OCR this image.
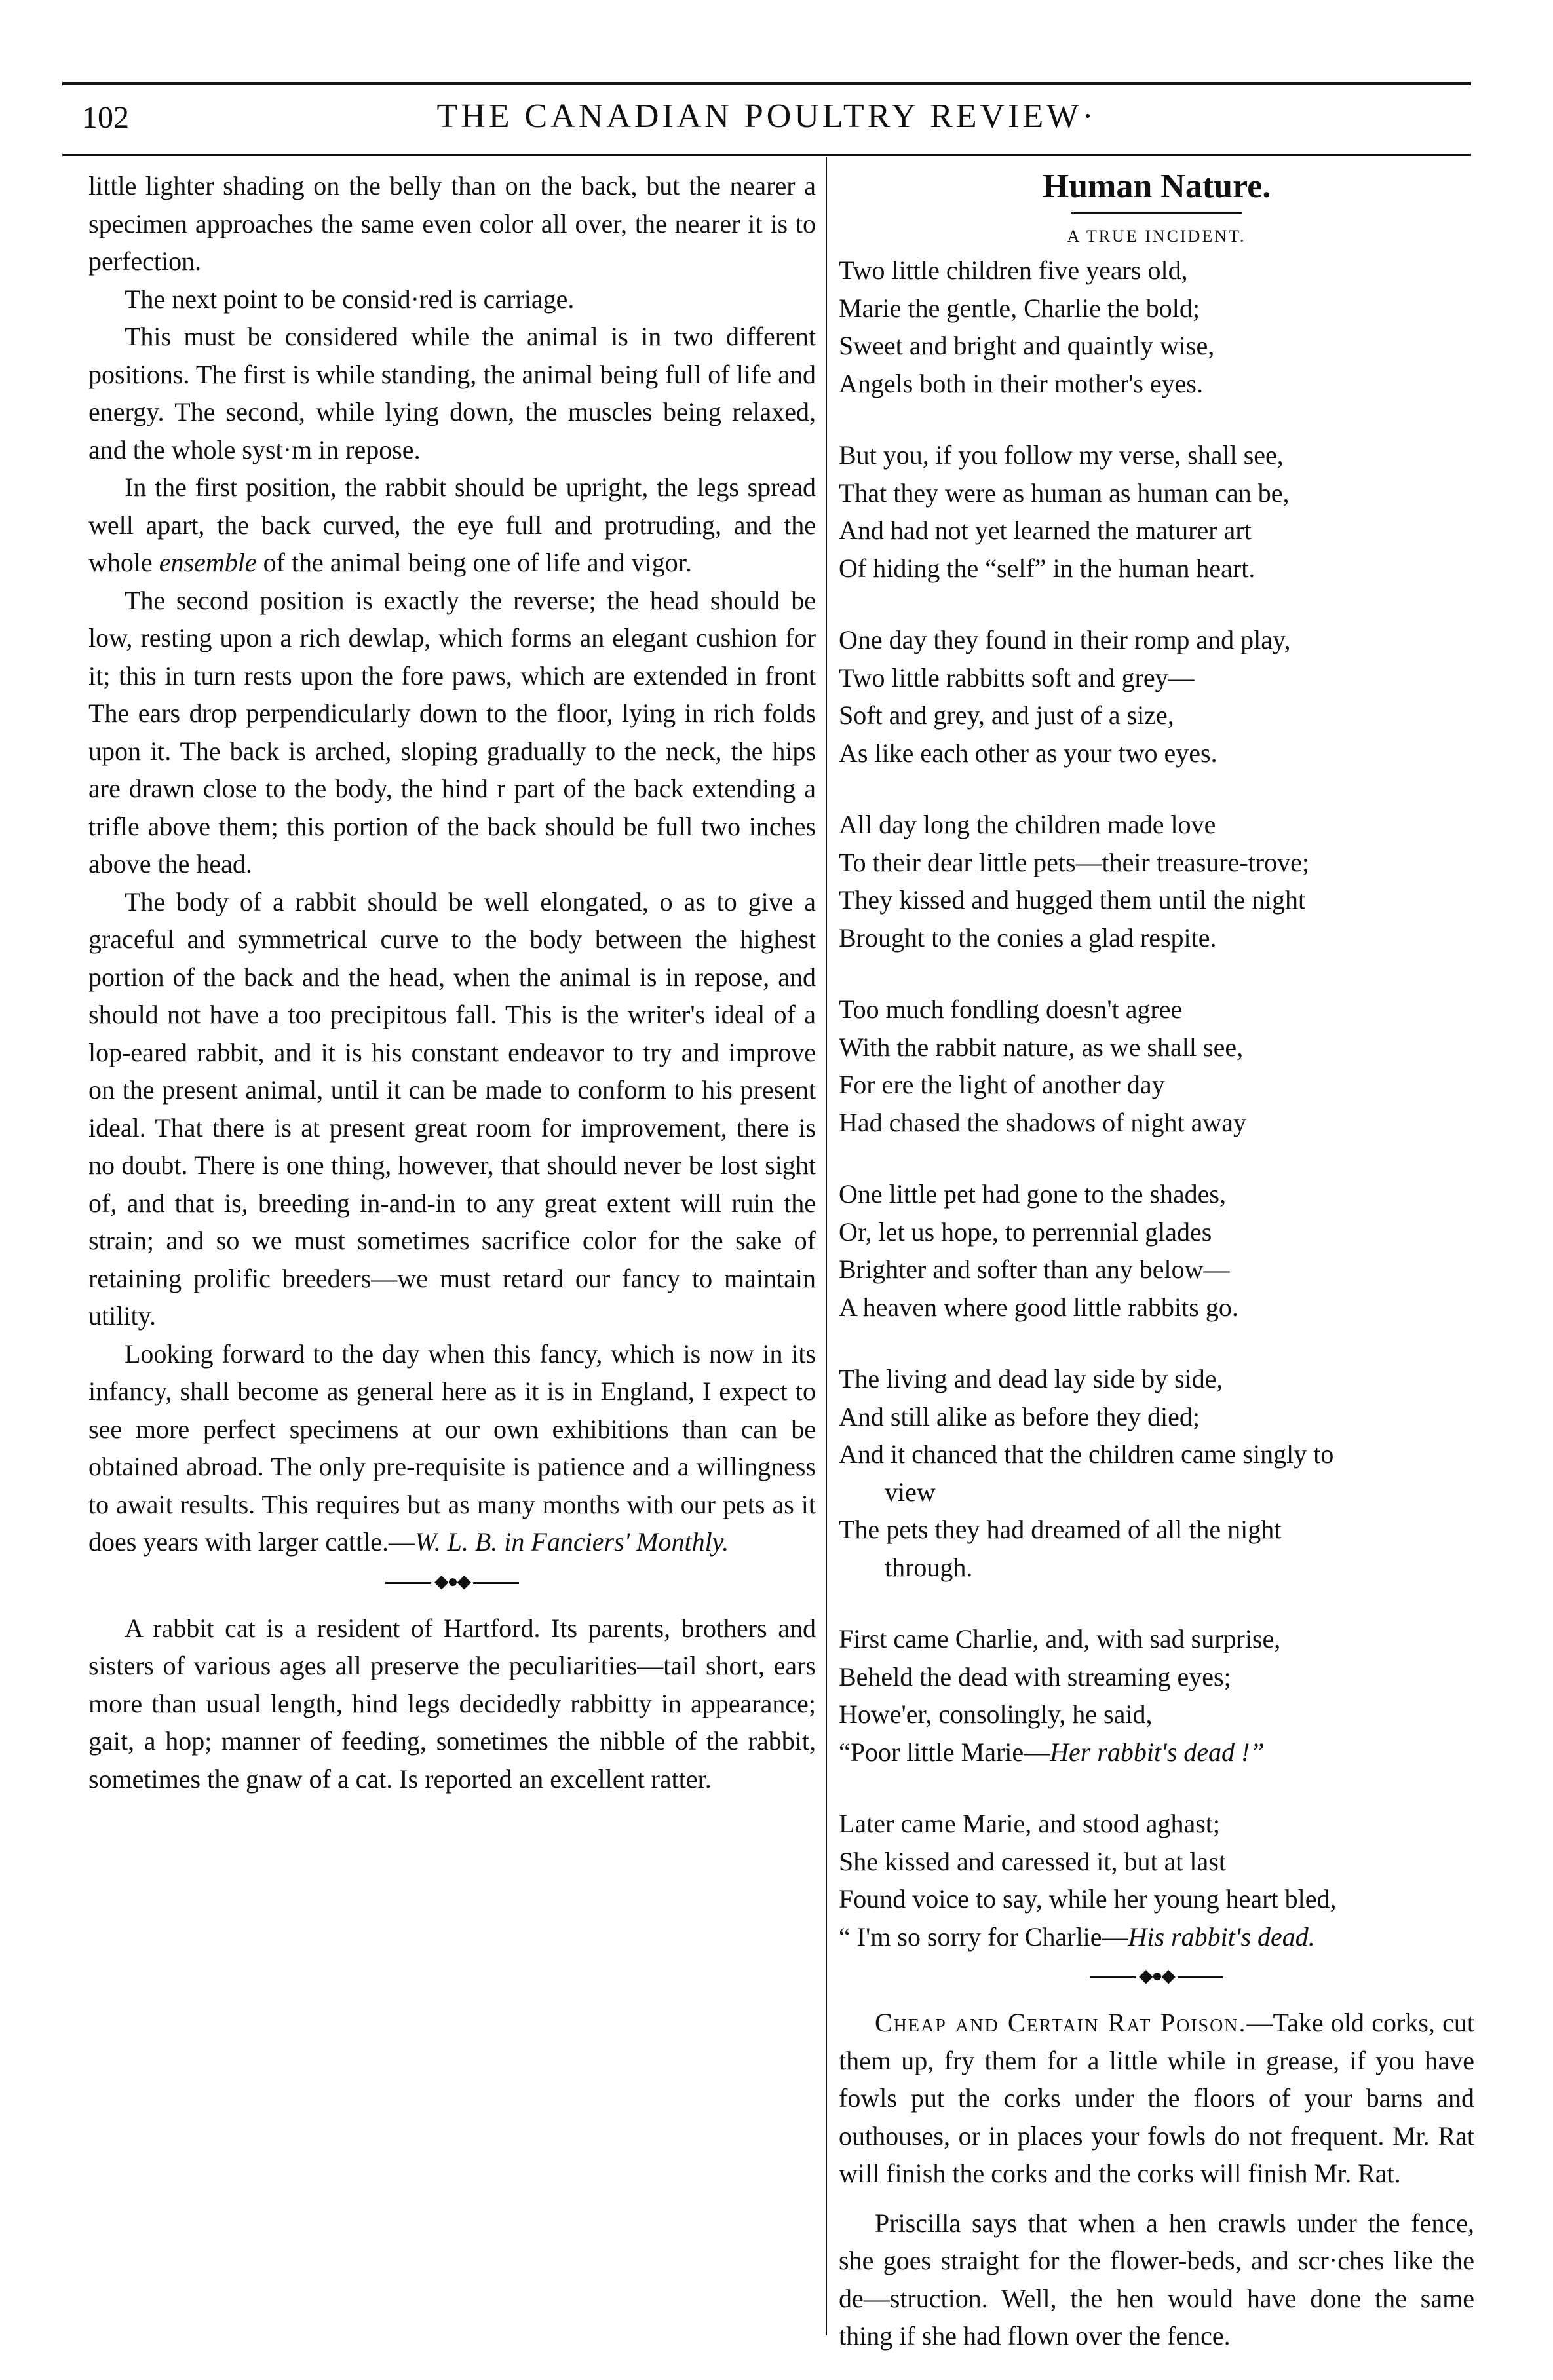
102	THE CANADIAN POULTRY REVIEW·

little lighter shading on the belly than on the back, but the nearer a specimen approaches the same even color all over, the nearer it is to perfection.

The next point to be consid·red is carriage.

This must be considered while the animal is in two different positions. The first is while standing, the animal being full of life and energy. The second, while lying down, the muscles being relaxed, and the whole syst·m in repose.

In the first position, the rabbit should be upright, the legs spread well apart, the back curved, the eye full and protruding, and the whole ensemble of the animal being one of life and vigor.

The second position is exactly the reverse; the head should be low, resting upon a rich dewlap, which forms an elegant cushion for it; this in turn rests upon the fore paws, which are extended in front The ears drop perpendicularly down to the floor, lying in rich folds upon it. The back is arched, sloping gradually to the neck, the hips are drawn close to the body, the hind r part of the back extending a trifle above them; this portion of the back should be full two inches above the head.

The body of a rabbit should be well elongated, o as to give a graceful and symmetrical curve to the body between the highest portion of the back and the head, when the animal is in repose, and should not have a too precipitous fall. This is the writer's ideal of a lop-eared rabbit, and it is his constant endeavor to try and improve on the present animal, until it can be made to conform to his present ideal. That there is at present great room for improvement, there is no doubt. There is one thing, however, that should never be lost sight of, and that is, breeding in-and-in to any great extent will ruin the strain; and so we must sometimes sacrifice color for the sake of retaining prolific breeders—we must retard our fancy to maintain utility.

Looking forward to the day when this fancy, which is now in its infancy, shall become as general here as it is in England, I expect to see more perfect specimens at our own exhibitions than can be obtained abroad. The only pre-requisite is patience and a willingness to await results. This requires but as many months with our pets as it does years with larger cattle.—W. L. B. in Fanciers' Monthly.

◆●◆

A rabbit cat is a resident of Hartford. Its parents, brothers and sisters of various ages all preserve the peculiarities—tail short, ears more than usual length, hind legs decidedly rabbitty in appearance; gait, a hop; manner of feeding, sometimes the nibble of the rabbit, sometimes the gnaw of a cat. Is reported an excellent ratter.

Human Nature.
A TRUE INCIDENT.
Two little children five years old,
Marie the gentle, Charlie the bold;
Sweet and bright and quaintly wise,
Angels both in their mother's eyes.
But you, if you follow my verse, shall see,
That they were as human as human can be,
And had not yet learned the maturer art
Of hiding the “self” in the human heart.
One day they found in their romp and play,
Two little rabbitts soft and grey—
Soft and grey, and just of a size,
As like each other as your two eyes.
All day long the children made love
To their dear little pets—their treasure-trove;
They kissed and hugged them until the night
Brought to the conies a glad respite.
Too much fondling doesn't agree
With the rabbit nature, as we shall see,
For ere the light of another day
Had chased the shadows of night away
One little pet had gone to the shades,
Or, let us hope, to perrennial glades
Brighter and softer than any below—
A heaven where good little rabbits go.
The living and dead lay side by side,
And still alike as before they died;
And it chanced that the children came singly to
view
The pets they had dreamed of all the night
through.
First came Charlie, and, with sad surprise,
Beheld the dead with streaming eyes;
Howe'er, consolingly, he said,
“Poor little Marie—Her rabbit's dead !”
Later came Marie, and stood aghast;
She kissed and caressed it, but at last
Found voice to say, while her young heart bled,
“ I'm so sorry for Charlie—His rabbit's dead.
◆●◆

Cheap and Certain Rat Poison.—Take old corks, cut them up, fry them for a little while in grease, if you have fowls put the corks under the floors of your barns and outhouses, or in places your fowls do not frequent. Mr. Rat will finish the corks and the corks will finish Mr. Rat.

Priscilla says that when a hen crawls under the fence, she goes straight for the flower-beds, and scr·ches like the de—struction. Well, the hen would have done the same thing if she had flown over the fence.
